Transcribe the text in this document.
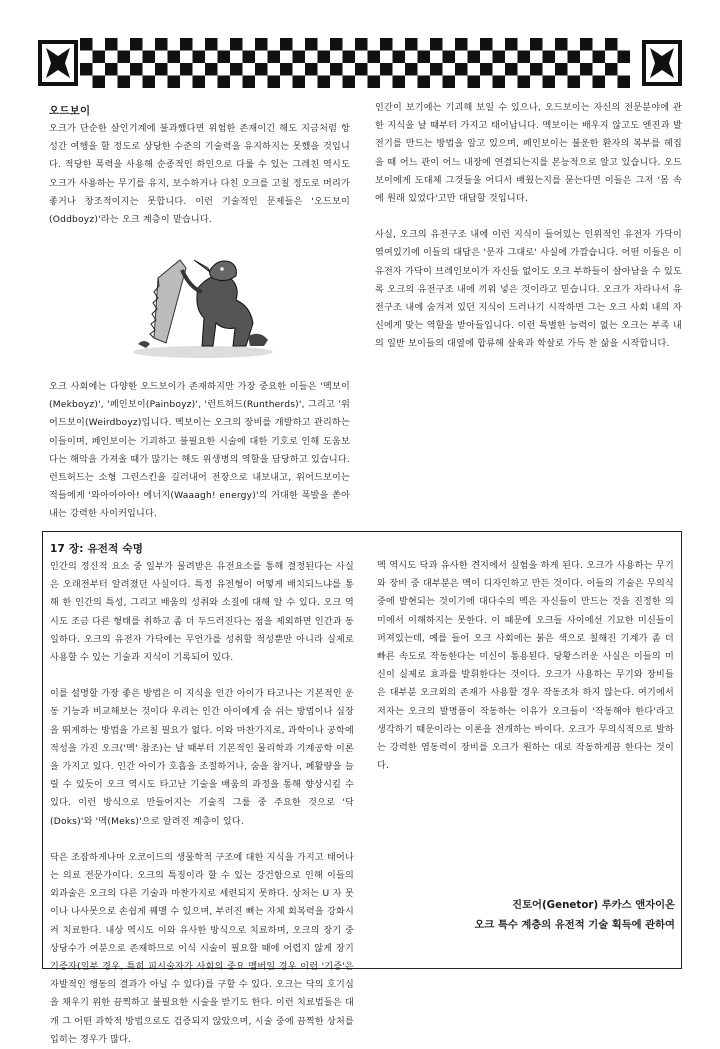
오드보이

오크가 단순한 살인기계에 불과했다면 위험한 존재이긴 해도 지금처럼 항성간 여행을 할 정도로 상당한 수준의 기술력을 유지하지는 못했을 것입니다. 적당한 폭력을 사용해 순종적인 하인으로 다룰 수 있는 그레친 역시도 오크가 사용하는 무기를 유지, 보수하거나 다친 오크를 고칠 정도로 머리가 좋거나 창조적이지는 못합니다. 이런 기술적인 문제들은 '오드보이(Oddboyz)'라는 오크 계층이 맡습니다.

오크 사회에는 다양한 오드보이가 존재하지만 가장 중요한 이들은 '멕보이(Mekboyz)', '페인보이(Painboyz)', '런트허드(Runtherds)', 그리고 '위어드보이(Weirdboyz)입니다. 멕보이는 오크의 장비를 개발하고 관리하는 이들이며, 페인보이는 기괴하고 불필요한 시술에 대한 기호로 인해 도움보다는 해악을 가져올 때가 많기는 해도 위생병의 역할을 담당하고 있습니다. 런트허드는 소형 그린스킨을 길러내어 전장으로 내보내고, 위어드보이는 적들에게 '와아아아아! 에너지(Waaagh! energy)'의 거대한 폭발을 쏟아내는 강력한 사이커입니다.

인간이 보기에는 기괴해 보일 수 있으나, 오드보이는 자신의 전문분야에 관한 지식을 날 때부터 가지고 태어납니다. 멕보이는 배우지 않고도 엔진과 발전기를 만드는 방법을 알고 있으며, 페인보이는 불운한 환자의 복부를 헤집을 때 어느 관이 어느 내장에 연결되는지를 본능적으로 알고 있습니다. 오드보이에게 도대체 그것들을 어디서 배웠는지를 묻는다면 이들은 그저 '몸 속에 원래 있었다'고만 대답할 것입니다.

사실, 오크의 유전구조 내에 이런 지식이 들어있는 인위적인 유전자 가닥이 엮여있기에 이들의 대답은 '문자 그대로' 사실에 가깝습니다. 어떤 이들은 이 유전자 가닥이 브레인보이가 자신들 없이도 오크 부하들이 살아남을 수 있도록 오크의 유전구조 내에 끼워 넣은 것이라고 믿습니다. 오크가 자라나서 유전구조 내에 숨겨져 있던 지식이 드러나기 시작하면 그는 오크 사회 내의 자신에게 맞는 역할을 받아들입니다. 이런 특별한 능력이 없는 오크는 부족 내의 일반 보이들의 대열에 합류해 살육과 학살로 가득 찬 삶을 시작합니다.

17 장: 유전적 숙명

인간의 정신적 요소 중 일부가 물려받은 유전요소를 통해 결정된다는 사실은 오래전부터 알려졌던 사실이다. 특정 유전형이 어떻게 배치되느냐를 통해 한 인간의 특성, 그리고 배움의 성취와 소질에 대해 알 수 있다. 오크 역시도 조금 다른 형태를 취하고 좀 더 두드러진다는 점을 제외하면 인간과 동일하다. 오크의 유전자 가닥에는 무언가를 성취할 적성뿐만 아니라 실제로 사용할 수 있는 기술과 지식이 기록되어 있다.

이를 설명할 가장 좋은 방법은 이 지식을 인간 아이가 타고나는 기본적인 운동 기능과 비교해보는 것이다 우리는 인간 아이에게 숨 쉬는 방법이나 심장을 뛰게하는 방법을 가르칠 필요가 없다. 이와 마찬가지로, 과학이나 공학에 적성을 가진 오크('멕' 참조)는 날 때부터 기본적인 물리학과 기계공학 이론을 가지고 있다. 인간 아이가 호흡을 조절하거나, 숨을 참거나, 폐활량을 늘릴 수 있듯이 오크 역시도 타고난 기술을 배움의 과정을 통해 향상시킬 수 있다. 이런 방식으로 만들어지는 기술직 그룹 중 주요한 것으로 '닥(Doks)'와 '멕(Meks)'으로 알려진 계층이 있다.

닥은 조잡하게나마 오코이드의 생물학적 구조에 대한 지식을 가지고 태어나는 의료 전문가이다. 오크의 특징이라 할 수 있는 강건함으로 인해 이들의 외과술은 오크의 다른 기술과 마찬가지로 세련되지 못하다. 상처는 U 자 못이나 나사못으로 손쉽게 꿰맬 수 있으며, 부러진 뼈는 자체 회복력을 강화시켜 치료한다. 내상 역시도 이와 유사한 방식으로 치료하며, 오크의 장기 중 상당수가 여분으로 존재하므로 이식 시술이 필요할 때에 어렵지 않게 장기 기증자(일부 경우, 특히 피시술자가 사회의 중요 멤버일 경우 이런 '기증'은 자발적인 행동의 결과가 아닐 수 있다)를 구할 수 있다. 오크는 닥의 호기심을 채우기 위한 끔찍하고 불필요한 시술을 받기도 한다. 이런 치료법들은 대개 그 어떤 과학적 방법으로도 검증되지 않았으며, 시술 중에 끔찍한 상처를 입히는 경우가 많다.

멕 역시도 닥과 유사한 견지에서 실험을 하게 된다. 오크가 사용하는 무기와 장비 중 대부분은 멕이 디자인하고 만든 것이다. 이들의 기술은 무의식 중에 발현되는 것이기에 대다수의 멕은 자신들이 만드는 것을 진정한 의미에서 이해하지는 못한다. 이 때문에 오크들 사이에선 기묘한 미신들이 퍼져있는데, 예를 들어 오크 사회에는 붉은 색으로 칠해진 기계가 좀 더 빠른 속도로 작동한다는 미신이 통용된다. 당황스러운 사실은 이들의 미신이 실제로 효과를 발휘한다는 것이다. 오크가 사용하는 무기와 장비들은 대부분 오크외의 존재가 사용할 경우 작동조차 하지 않는다. 여기에서 저자는 오크의 발명품이 작동하는 이유가 오크들이 '작동해야 한다'라고 생각하기 때문이라는 이론을 전개하는 바이다. 오크가 무의식적으로 발하는 강력한 염동력이 장비를 오크가 원하는 대로 작동하게끔 한다는 것이다.

진토어(Genetor) 루카스 앤자이온
오크 특수 계층의 유전적 기술 획득에 관하여
